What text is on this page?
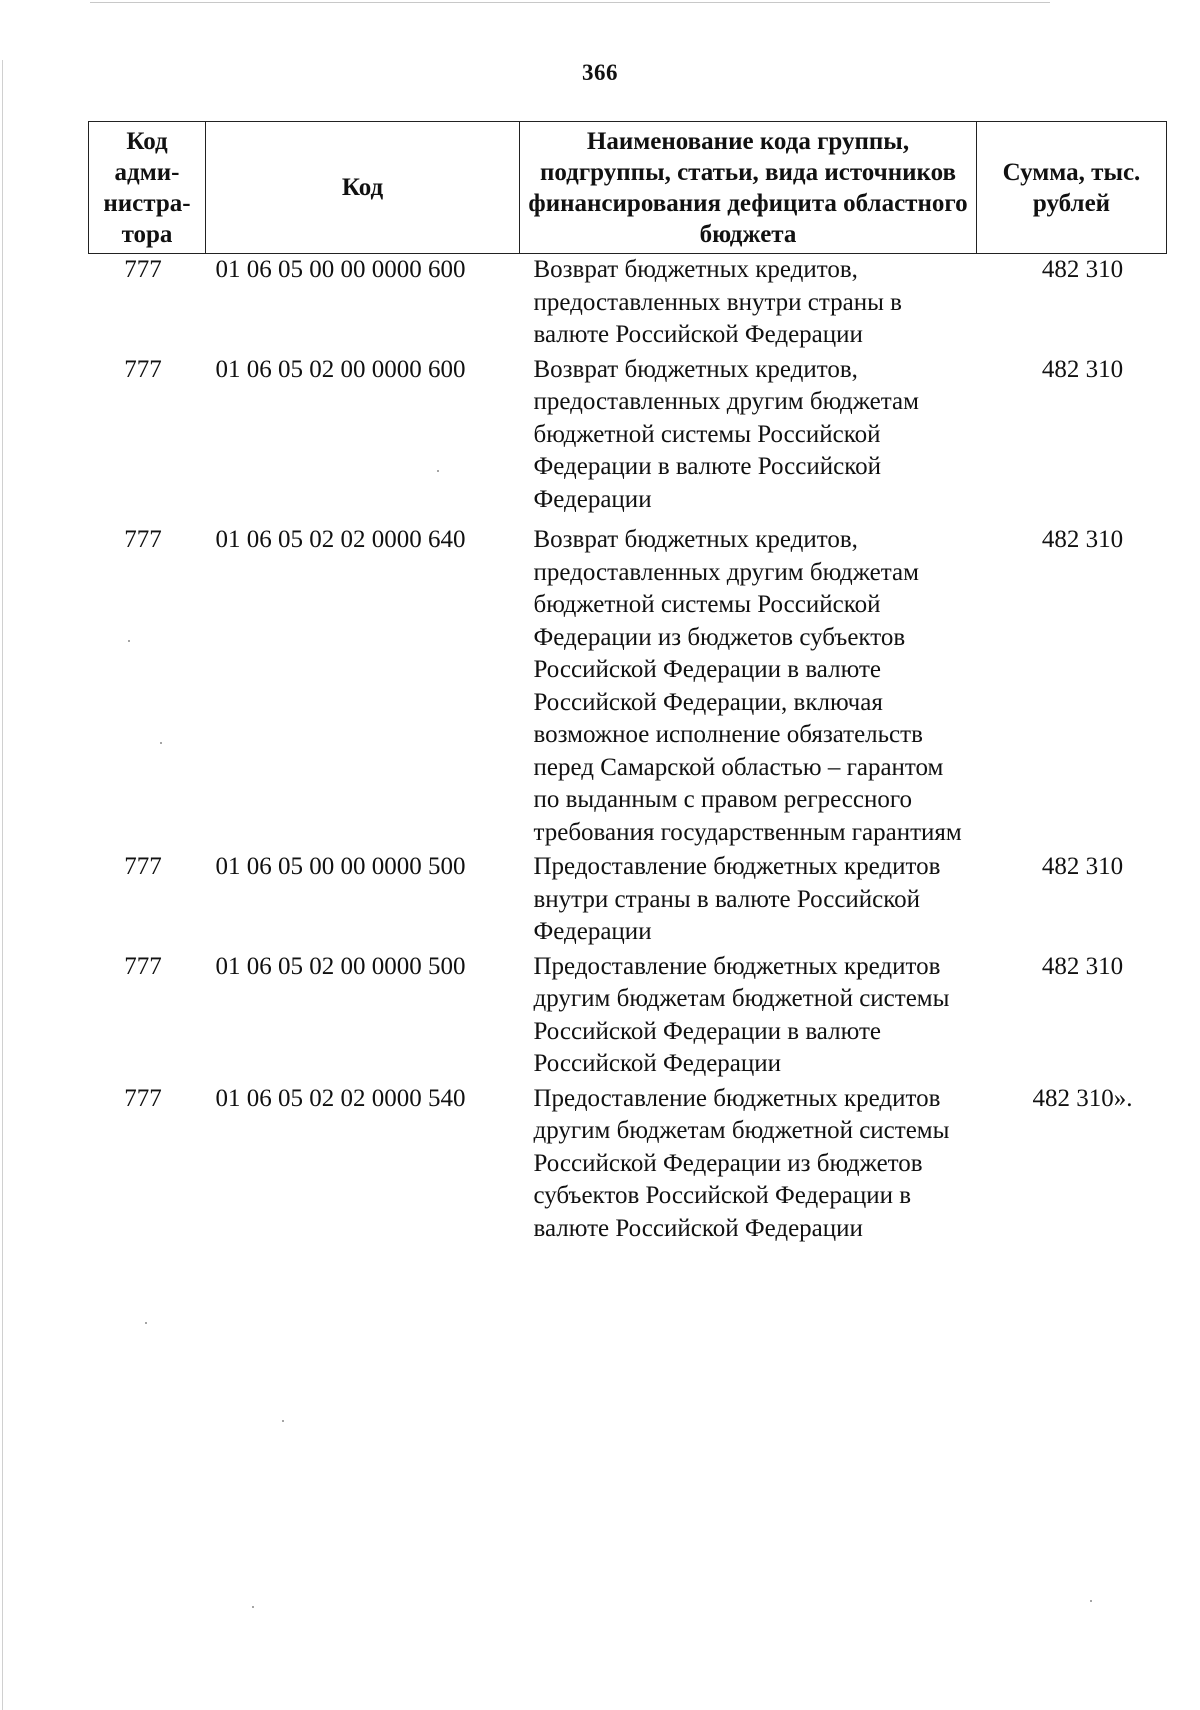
366
Код адми-нистра-тора	Код	Наименование кода группы, подгруппы, статьи, вида источников финансирования дефицита областного бюджета	Сумма, тыс. рублей
777	01 06 05 00 00 0000 600	Возврат бюджетных кредитов, предоставленных внутри страны в валюте Российской Федерации	482 310
777	01 06 05 02 00 0000 600	Возврат бюджетных кредитов, предоставленных другим бюджетам бюджетной системы Российской Федерации в валюте Российской Федерации	482 310
777	01 06 05 02 02 0000 640	Возврат бюджетных кредитов, предоставленных другим бюджетам бюджетной системы Российской Федерации из бюджетов субъектов Российской Федерации в валюте Российской Федерации, включая возможное исполнение обязательств перед Самарской областью – гарантом по выданным с правом регрессного требования государственным гарантиям	482 310
777	01 06 05 00 00 0000 500	Предоставление бюджетных кредитов внутри страны в валюте Российской Федерации	482 310
777	01 06 05 02 00 0000 500	Предоставление бюджетных кредитов другим бюджетам бюджетной системы Российской Федерации в валюте Российской Федерации	482 310
777	01 06 05 02 02 0000 540	Предоставление бюджетных кредитов другим бюджетам бюджетной системы Российской Федерации из бюджетов субъектов Российской Федерации в валюте Российской Федерации	482 310».
